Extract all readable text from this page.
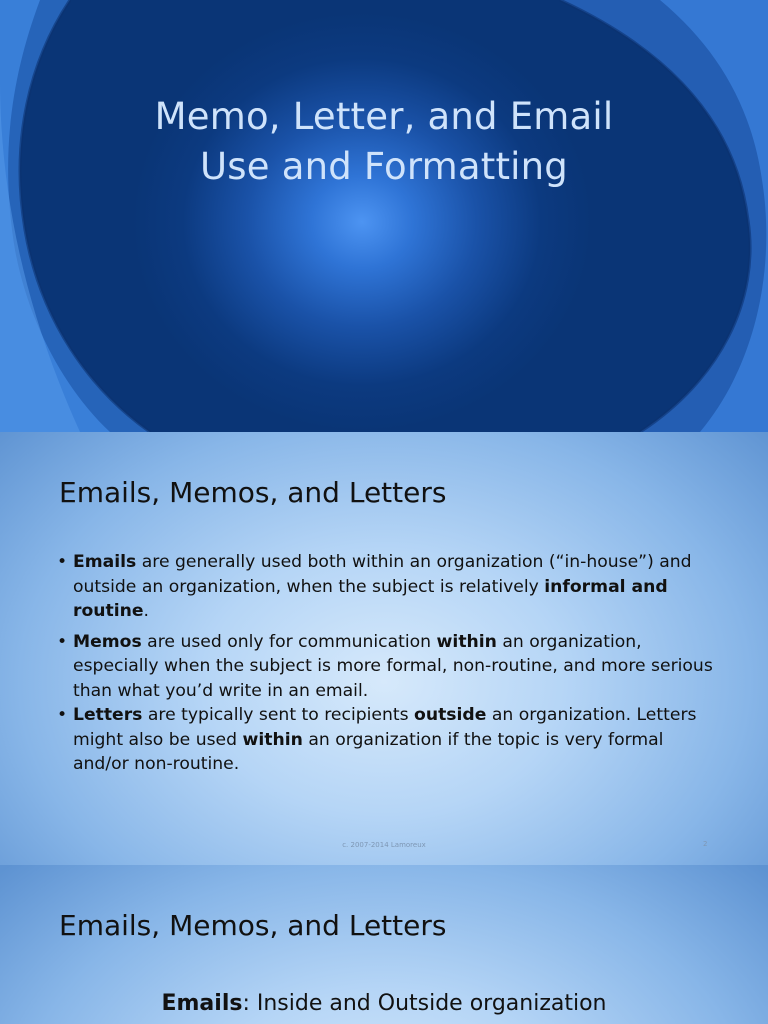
Memo, Letter, and Email
Use and Formatting
Emails, Memos, and Letters
• Emails are generally used both within an organization (“in-house”) and outside an organization, when the subject is relatively informal and routine.
• Memos are used only for communication within an organization, especially when the subject is more formal, non-routine, and more serious than what you’d write in an email.
• Letters are typically sent to recipients outside an organization. Letters might also be used within an organization if the topic is very formal and/or non-routine.
c. 2007-2014 Lamoreux	2
Emails, Memos, and Letters
Emails: Inside and Outside organization
